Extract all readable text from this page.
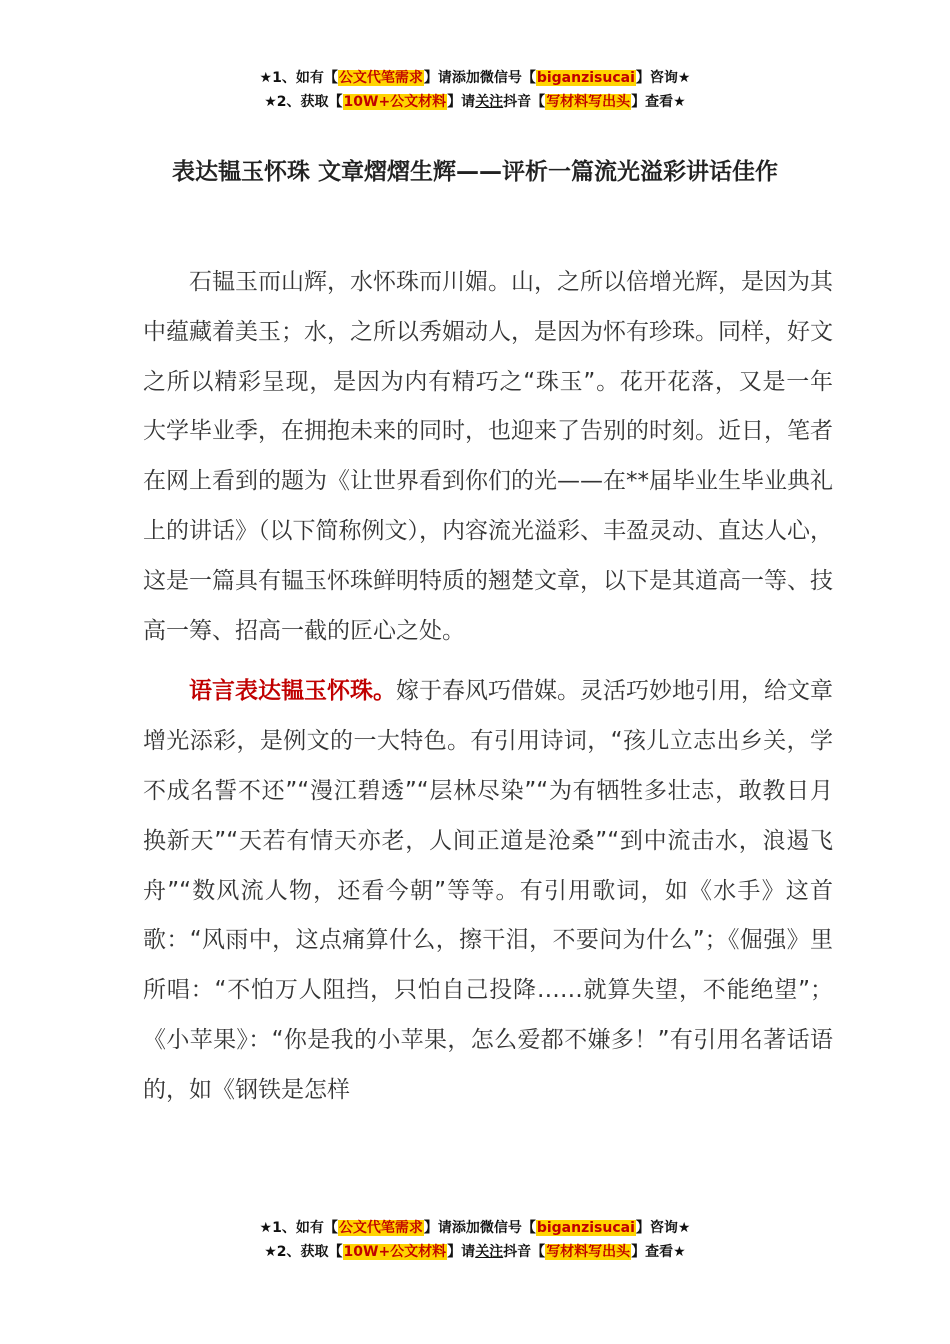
★1、如有【公文代笔需求】请添加微信号【biganzisucai】咨询★
★2、获取【10W+公文材料】请关注抖音【写材料写出头】查看★
表达韫玉怀珠 文章熠熠生辉——评析一篇流光溢彩讲话佳作

石韫玉而山辉，水怀珠而川媚。山，之所以倍增光辉，是因为其中蕴藏着美玉；水，之所以秀媚动人，是因为怀有珍珠。同样，好文之所以精彩呈现，是因为内有精巧之“珠玉”。花开花落，又是一年大学毕业季，在拥抱未来的同时，也迎来了告别的时刻。近日，笔者在网上看到的题为《让世界看到你们的光——在**届毕业生毕业典礼上的讲话》（以下简称例文），内容流光溢彩、丰盈灵动、直达人心，这是一篇具有韫玉怀珠鲜明特质的翘楚文章，以下是其道高一等、技高一筹、招高一截的匠心之处。

语言表达韫玉怀珠。嫁于春风巧借媒。灵活巧妙地引用，给文章增光添彩，是例文的一大特色。有引用诗词，“孩儿立志出乡关，学不成名誓不还”“漫江碧透”“层林尽染”“为有牺牲多壮志，敢教日月换新天”“天若有情天亦老，人间正道是沧桑”“到中流击水，浪遏飞舟”“数风流人物，还看今朝”等等。有引用歌词，如《水手》这首歌：“风雨中，这点痛算什么，擦干泪，不要问为什么”；《倔强》里所唱：“不怕万人阻挡，只怕自己投降……就算失望，不能绝望”；《小苹果》：“你是我的小苹果，怎么爱都不嫌多！”有引用名著话语的，如《钢铁是怎样

★1、如有【公文代笔需求】请添加微信号【biganzisucai】咨询★
★2、获取【10W+公文材料】请关注抖音【写材料写出头】查看★
